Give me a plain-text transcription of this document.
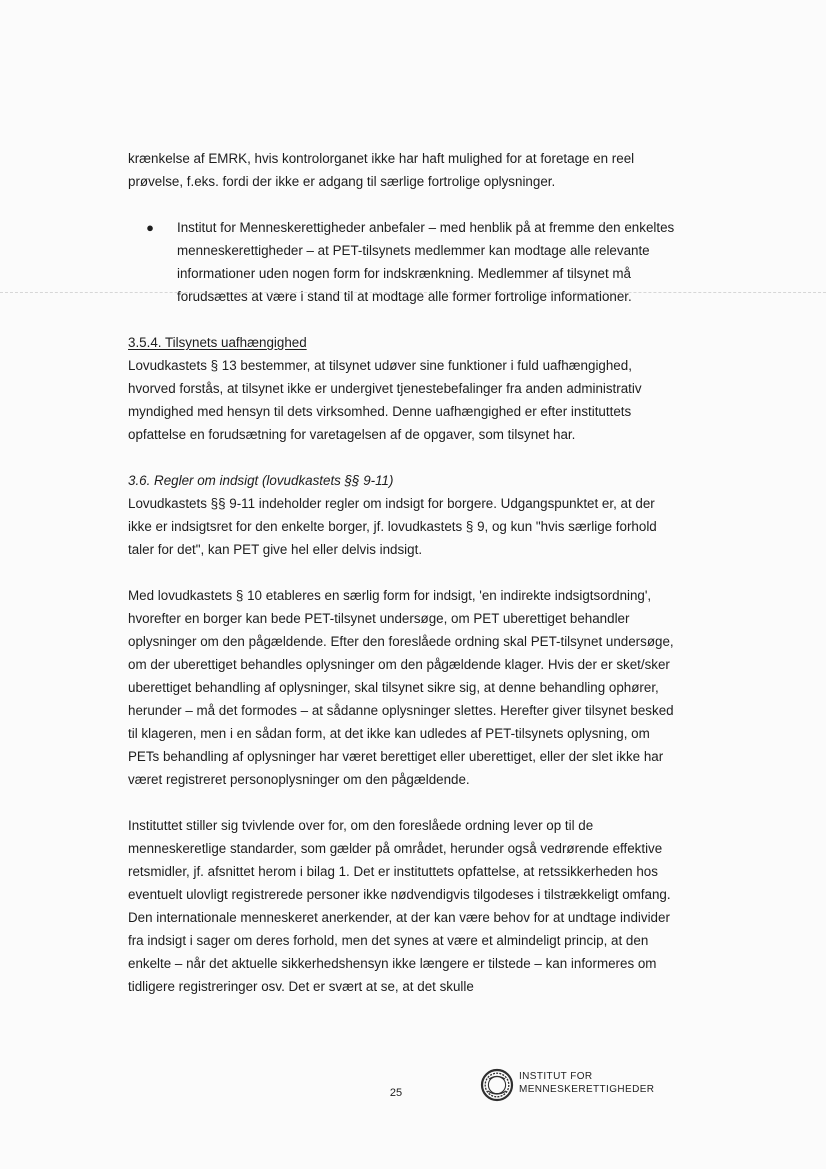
krænkelse af EMRK, hvis kontrolorganet ikke har haft mulighed for at foretage en reel prøvelse, f.eks. fordi der ikke er adgang til særlige fortrolige oplysninger.

● Institut for Menneskerettigheder anbefaler – med henblik på at fremme den enkeltes menneskerettigheder – at PET-tilsynets medlemmer kan modtage alle relevante informationer uden nogen form for indskrænkning. Medlemmer af tilsynet må forudsættes at være i stand til at modtage alle former fortrolige informationer.

3.5.4. Tilsynets uafhængighed

Lovudkastets § 13 bestemmer, at tilsynet udøver sine funktioner i fuld uafhængighed, hvorved forstås, at tilsynet ikke er undergivet tjenestebefalinger fra anden administrativ myndighed med hensyn til dets virksomhed. Denne uafhængighed er efter instituttets opfattelse en forudsætning for varetagelsen af de opgaver, som tilsynet har.

3.6. Regler om indsigt (lovudkastets §§ 9-11)

Lovudkastets §§ 9-11 indeholder regler om indsigt for borgere. Udgangspunktet er, at der ikke er indsigtsret for den enkelte borger, jf. lovudkastets § 9, og kun "hvis særlige forhold taler for det", kan PET give hel eller delvis indsigt.

Med lovudkastets § 10 etableres en særlig form for indsigt, 'en indirekte indsigtsordning', hvorefter en borger kan bede PET-tilsynet undersøge, om PET uberettiget behandler oplysninger om den pågældende. Efter den foreslåede ordning skal PET-tilsynet undersøge, om der uberettiget behandles oplysninger om den pågældende klager. Hvis der er sket/sker uberettiget behandling af oplysninger, skal tilsynet sikre sig, at denne behandling ophører, herunder – må det formodes – at sådanne oplysninger slettes. Herefter giver tilsynet besked til klageren, men i en sådan form, at det ikke kan udledes af PET-tilsynets oplysning, om PETs behandling af oplysninger har været berettiget eller uberettiget, eller der slet ikke har været registreret personoplysninger om den pågældende.

Instituttet stiller sig tvivlende over for, om den foreslåede ordning lever op til de menneskeretlige standarder, som gælder på området, herunder også vedrørende effektive retsmidler, jf. afsnittet herom i bilag 1. Det er instituttets opfattelse, at retssikkerheden hos eventuelt ulovligt registrerede personer ikke nødvendigvis tilgodeses i tilstrækkeligt omfang. Den internationale menneskeret anerkender, at der kan være behov for at undtage individer fra indsigt i sager om deres forhold, men det synes at være et almindeligt princip, at den enkelte – når det aktuelle sikkerhedshensyn ikke længere er tilstede – kan informeres om tidligere registreringer osv. Det er svært at se, at det skulle

25
INSTITUT FOR
MENNESKERETTIGHEDER
